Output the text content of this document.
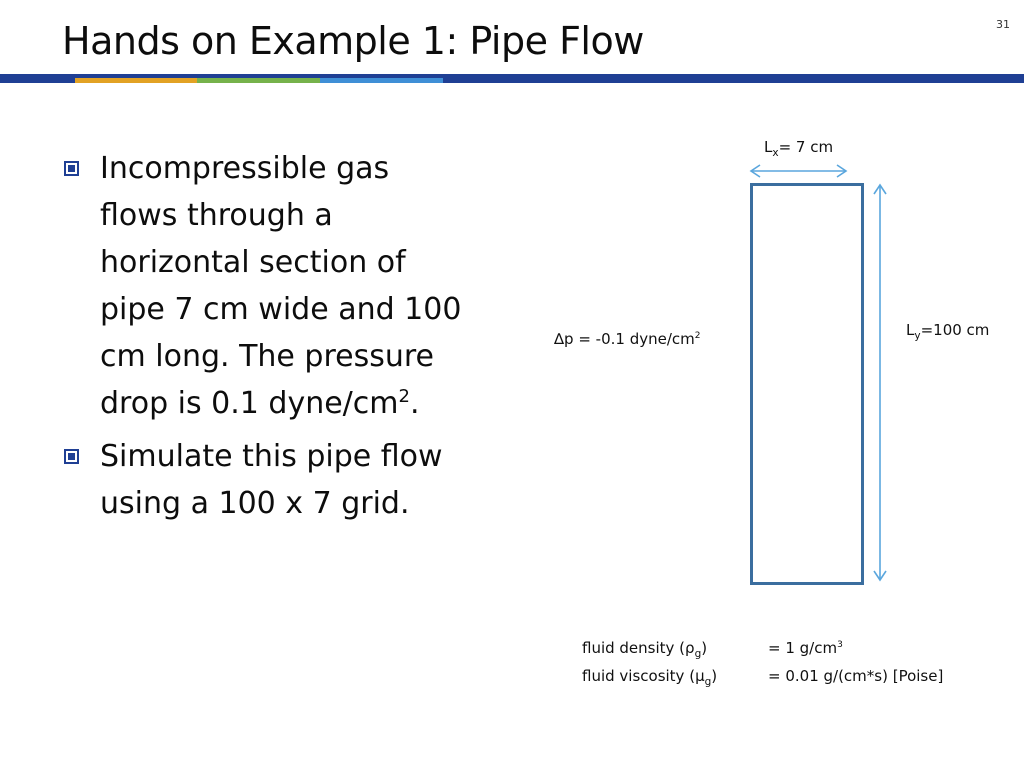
Hands on Example 1: Pipe Flow	31
Incompressible gas flows through a horizontal section of pipe 7 cm wide and 100 cm long. The pressure drop is 0.1 dyne/$cm^2$.
Simulate this pipe flow using a 100 x 7 grid.
$L_x= 7$ cm
$L_y=100$ cm
∆p = -0.1 dyne/$cm^2$
fluid density $(\rho_g)$	= 1 $g/cm^3$
fluid viscosity $(\mu_g)$	= 0.01 g/(cm*s) [Poise]
